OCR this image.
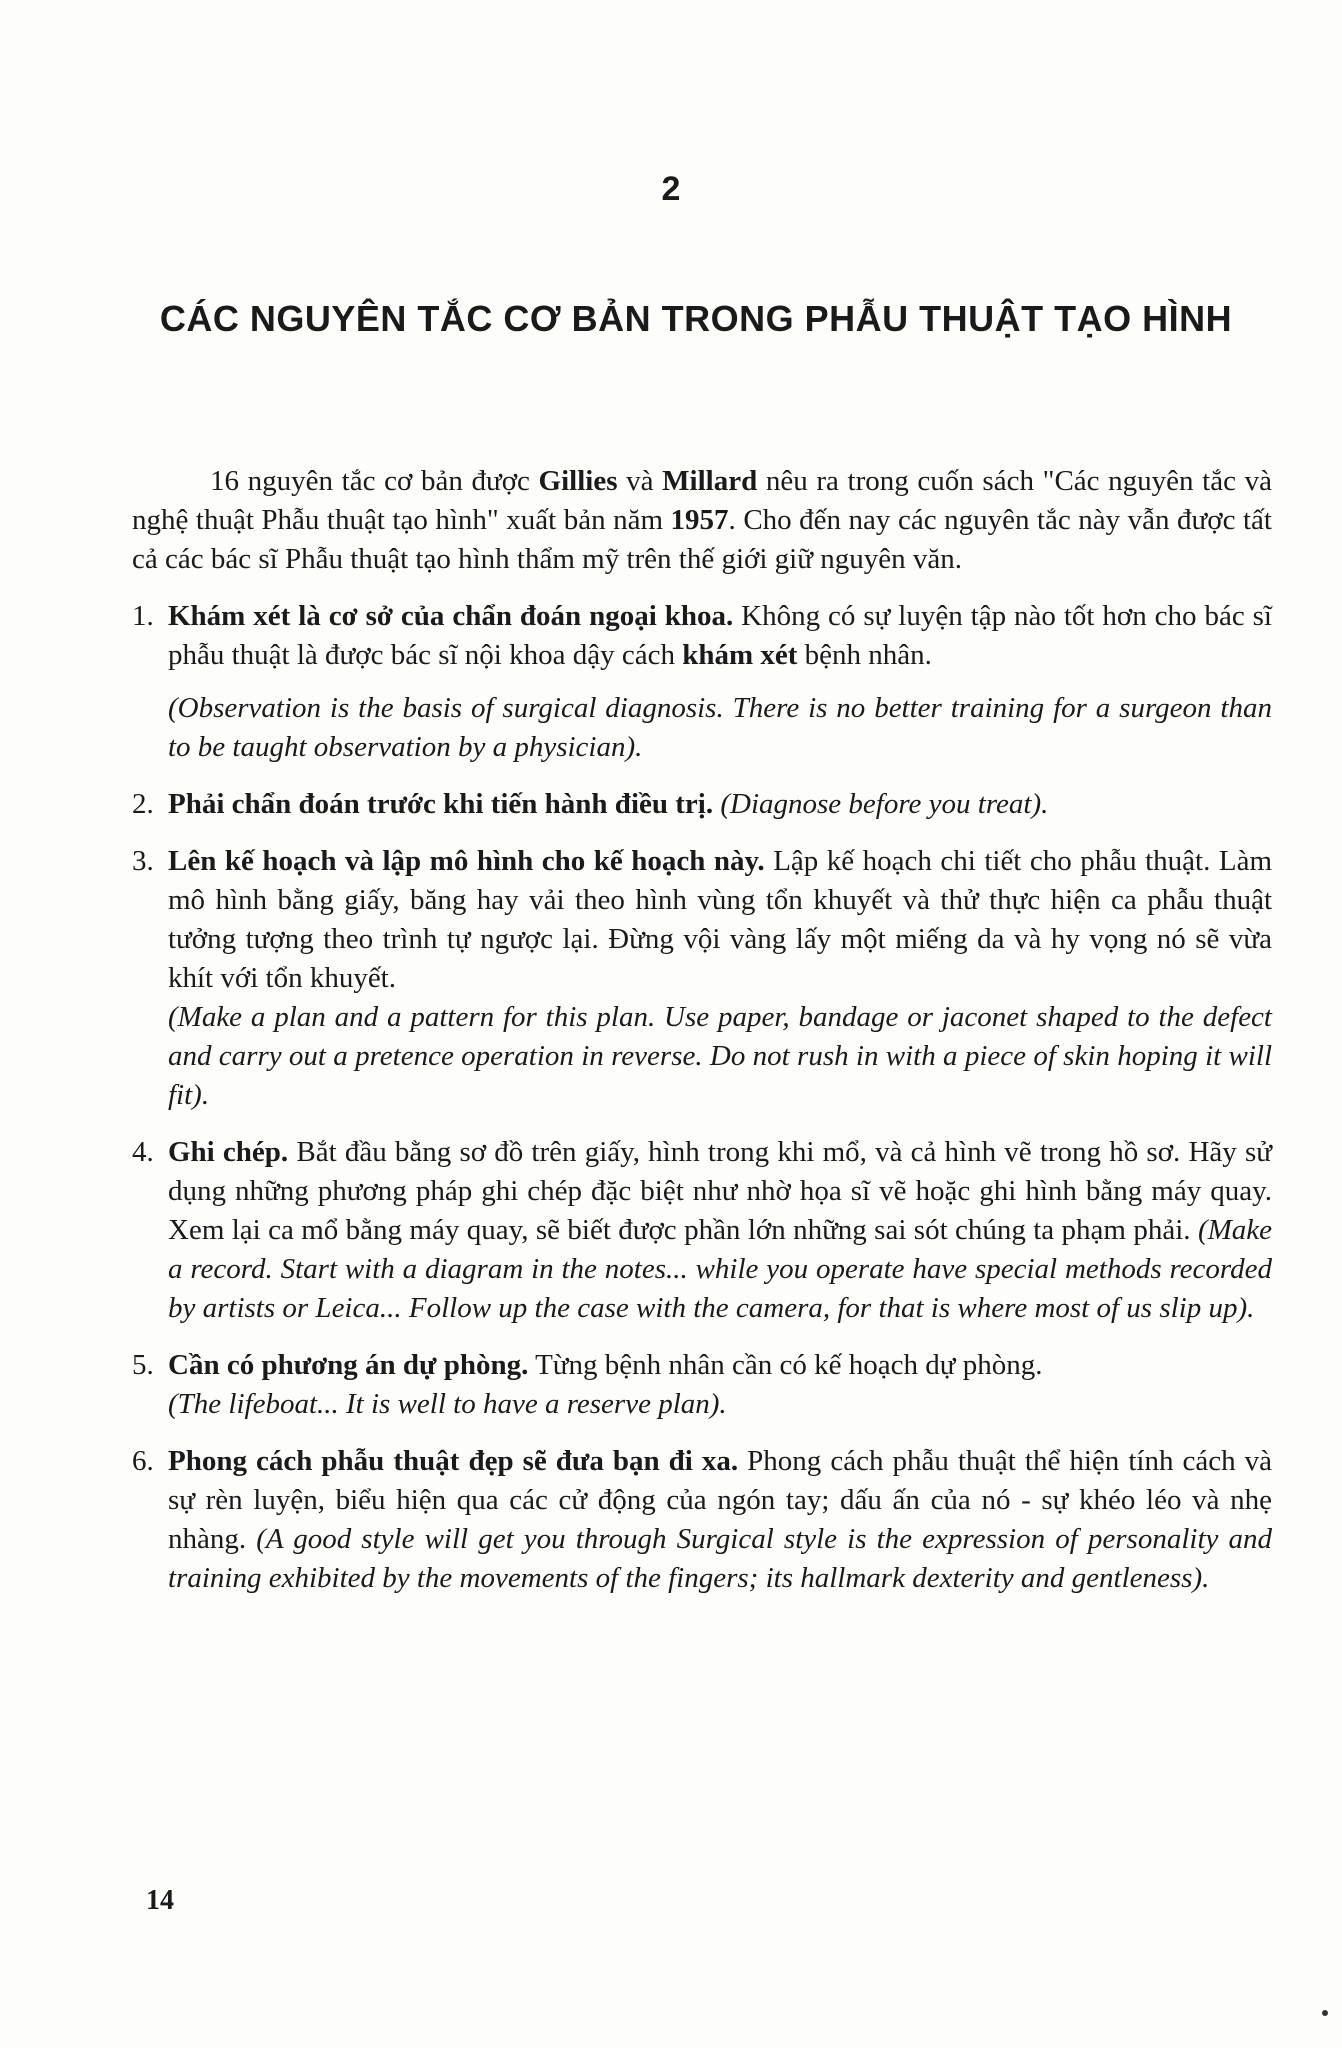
2
CÁC NGUYÊN TẮC CƠ BẢN TRONG PHẪU THUẬT TẠO HÌNH

16 nguyên tắc cơ bản được Gillies và Millard nêu ra trong cuốn sách "Các nguyên tắc và nghệ thuật Phẫu thuật tạo hình" xuất bản năm 1957. Cho đến nay các nguyên tắc này vẫn được tất cả các bác sĩ Phẫu thuật tạo hình thẩm mỹ trên thế giới giữ nguyên văn.

1. Khám xét là cơ sở của chẩn đoán ngoại khoa. Không có sự luyện tập nào tốt hơn cho bác sĩ phẫu thuật là được bác sĩ nội khoa dậy cách khám xét bệnh nhân.
(Observation is the basis of surgical diagnosis. There is no better training for a surgeon than to be taught observation by a physician).
2. Phải chẩn đoán trước khi tiến hành điều trị. (Diagnose before you treat).
3. Lên kế hoạch và lập mô hình cho kế hoạch này. Lập kế hoạch chi tiết cho phẫu thuật. Làm mô hình bằng giấy, băng hay vải theo hình vùng tổn khuyết và thử thực hiện ca phẫu thuật tưởng tượng theo trình tự ngược lại. Đừng vội vàng lấy một miếng da và hy vọng nó sẽ vừa khít với tổn khuyết.
(Make a plan and a pattern for this plan. Use paper, bandage or jaconet shaped to the defect and carry out a pretence operation in reverse. Do not rush in with a piece of skin hoping it will fit).
4. Ghi chép. Bắt đầu bằng sơ đồ trên giấy, hình trong khi mổ, và cả hình vẽ trong hồ sơ. Hãy sử dụng những phương pháp ghi chép đặc biệt như nhờ họa sĩ vẽ hoặc ghi hình bằng máy quay. Xem lại ca mổ bằng máy quay, sẽ biết được phần lớn những sai sót chúng ta phạm phải. (Make a record. Start with a diagram in the notes... while you operate have special methods recorded by artists or Leica... Follow up the case with the camera, for that is where most of us slip up).
5. Cần có phương án dự phòng. Từng bệnh nhân cần có kế hoạch dự phòng.
(The lifeboat... It is well to have a reserve plan).
6. Phong cách phẫu thuật đẹp sẽ đưa bạn đi xa. Phong cách phẫu thuật thể hiện tính cách và sự rèn luyện, biểu hiện qua các cử động của ngón tay; dấu ấn của nó - sự khéo léo và nhẹ nhàng. (A good style will get you through Surgical style is the expression of personality and training exhibited by the movements of the fingers; its hallmark dexterity and gentleness).
14
